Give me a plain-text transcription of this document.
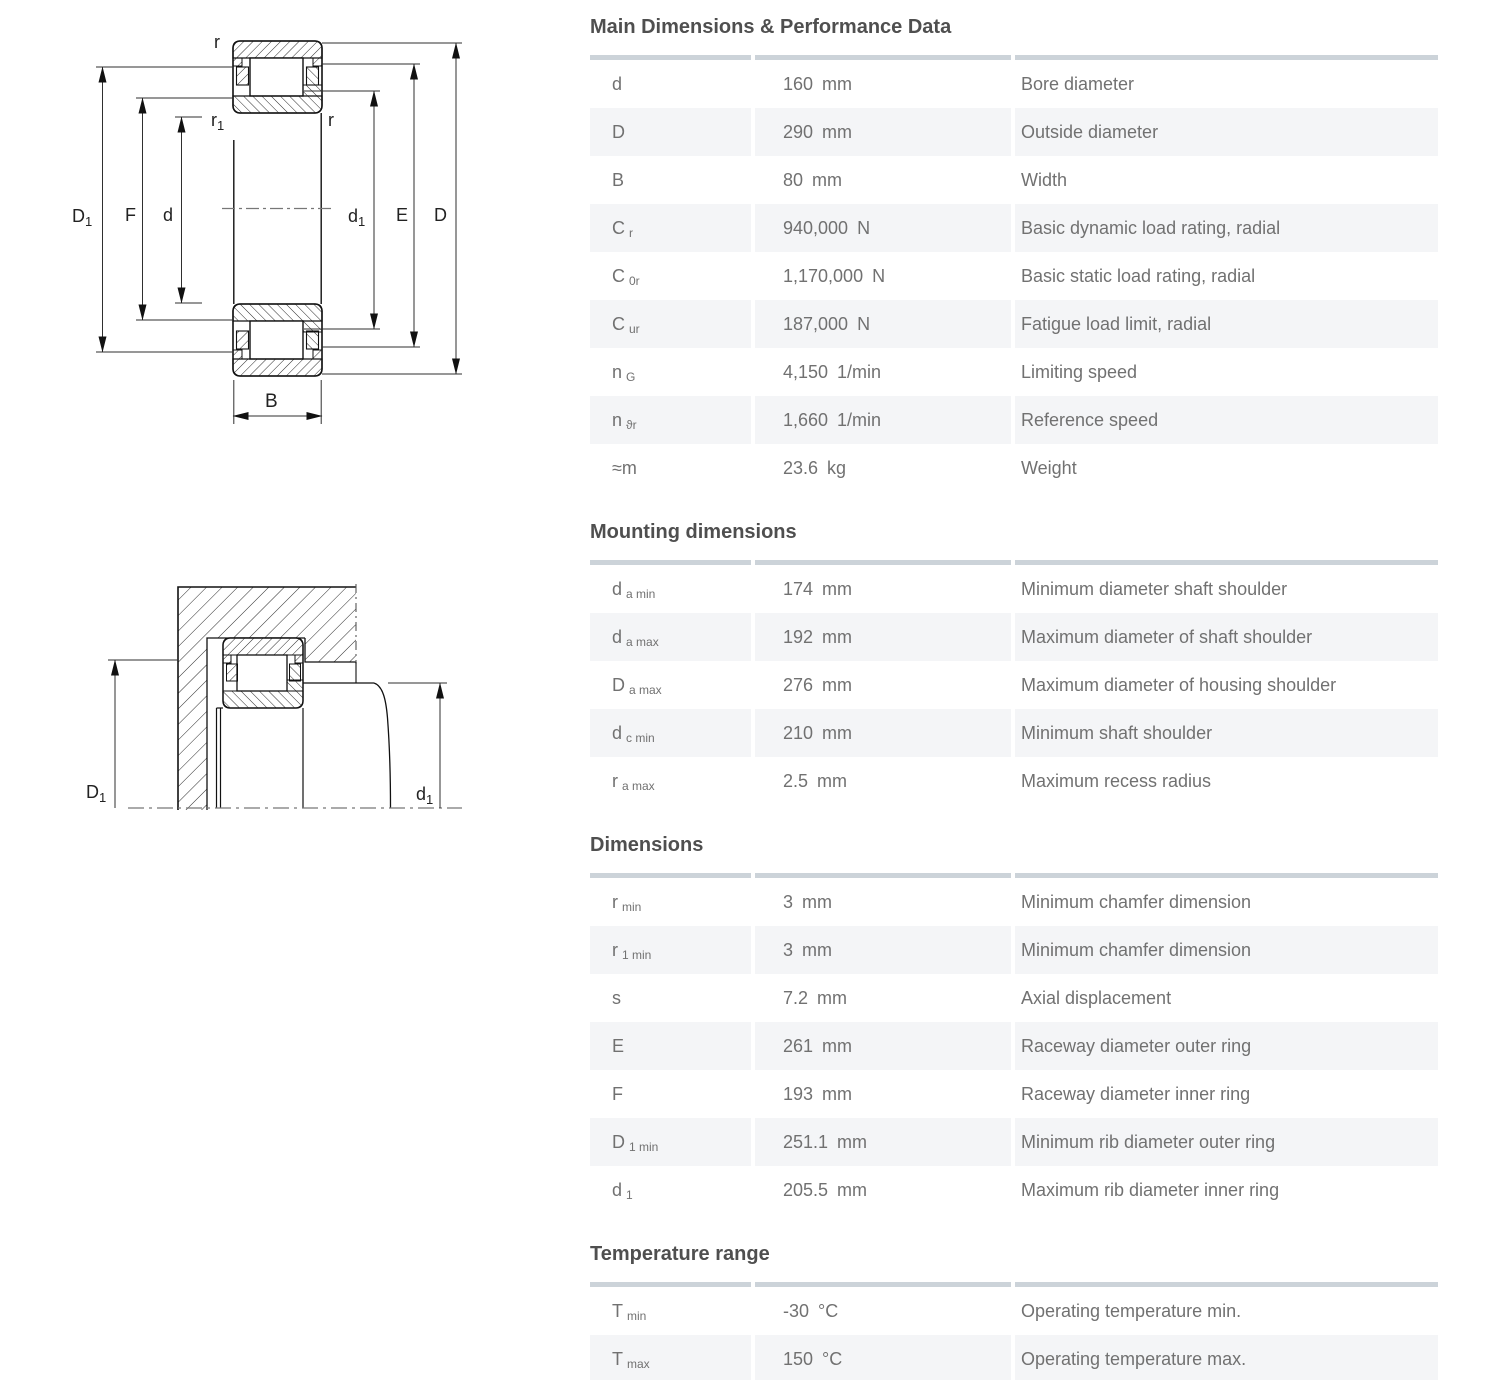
r
$r_1$	r
$D_1$ F d	$d_1$ E D
B
$D_1$	$d_1$
Main Dimensions & Performance Data
d	160 mm	Bore diameter
D	290 mm	Outside diameter
B	80 mm	Width
C r	940,000 N	Basic dynamic load rating, radial
C 0r	1,170,000 N	Basic static load rating, radial
C ur	187,000 N	Fatigue load limit, radial
n G	4,150 1/min	Limiting speed
n ϑr	1,660 1/min	Reference speed
≈m	23.6 kg	Weight
Mounting dimensions
d a min	174 mm	Minimum diameter shaft shoulder
d a max	192 mm	Maximum diameter of shaft shoulder
D a max	276 mm	Maximum diameter of housing shoulder
d c min	210 mm	Minimum shaft shoulder
r a max	2.5 mm	Maximum recess radius
Dimensions
r min	3 mm	Minimum chamfer dimension
r 1 min	3 mm	Minimum chamfer dimension
s	7.2 mm	Axial displacement
E	261 mm	Raceway diameter outer ring
F	193 mm	Raceway diameter inner ring
D 1 min	251.1 mm	Minimum rib diameter outer ring
d 1	205.5 mm	Maximum rib diameter inner ring
Temperature range
T min	-30 °C	Operating temperature min.
T max	150 °C	Operating temperature max.
